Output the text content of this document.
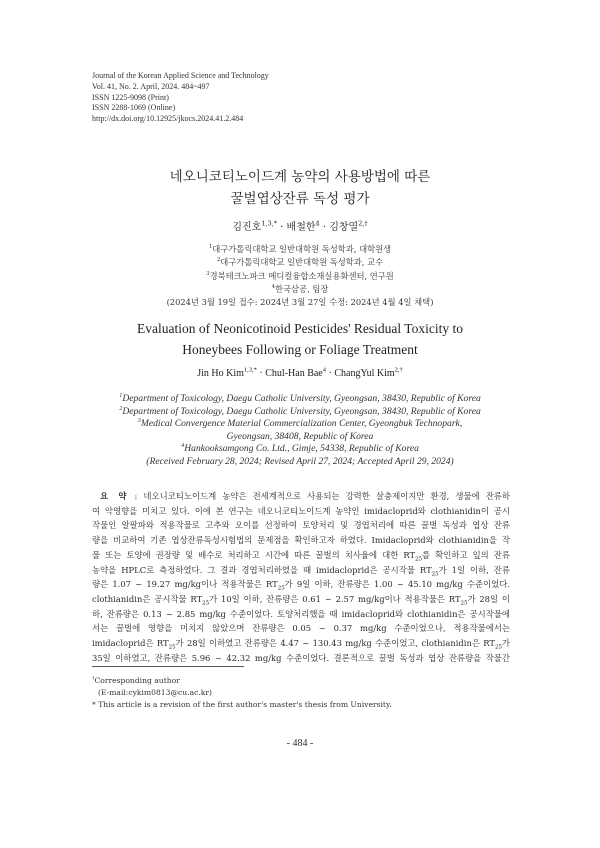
Journal of the Korean Applied Science and Technology
Vol. 41, No. 2. April, 2024. 484~497
ISSN 1225-9098 (Print)
ISSN 2288-1069 (Online)
http://dx.doi.org/10.12925/jkocs.2024.41.2.484
네오니코티노이드계 농약의 사용방법에 따른
꿀벌엽상잔류 독성 평가
김진호$^{1,3,*}$ · 배철한$^4$ · 김창열$^{2,\dagger}$
$^1$대구가톨릭대학교 일반대학원 독성학과, 대학원생
$^2$대구가톨릭대학교 일반대학원 독성학과, 교수
$^3$경북테크노파크 메디컬융합소재실용화센터, 연구원
$^4$한국삼공, 팀장
(2024년 3월 19일 접수: 2024년 3월 27일 수정: 2024년 4월 4일 채택)
Evaluation of Neonicotinoid Pesticides' Residual Toxicity to
Honeybees Following or Foliage Treatment
Jin Ho Kim$^{1,3,*}$ · Chul-Han Bae$^4$ · ChangYul Kim$^{2,\dagger}$
$^1$Department of Toxicology, Daegu Catholic University, Gyeongsan, 38430, Republic of Korea
$^2$Department of Toxicology, Daegu Catholic University, Gyeongsan, 38430, Republic of Korea
$^3$Medical Convergence Material Commercialization Center, Gyeongbuk Technopark,
Gyeongsan, 38408, Republic of Korea
$^4$Hankooksamgong Co. Ltd., Gimje, 54338, Republic of Korea
(Received February 28, 2024; Revised April 27, 2024; Accepted April 29, 2024)
요 약 : 네오니코티노이드계 농약은 전세계적으로 사용되는 강력한 살충제이지만 환경, 생물에 잔류하
여 악영향을 미치고 있다. 이에 본 연구는 네오니코티노이드계 농약인 imidacloprid와 clothianidin이 공시
작물인 알팔파와 적용작물로 고추와 오이를 선정하여 토양처리 및 경엽처리에 따른 꿀벌 독성과 엽상 잔류
량을 비교하여 기존 엽상잔류독성시험법의 문제점을 확인하고자 하였다. Imidacloprid와 clothianidin을 작
물 또는 토양에 권장량 및 배수로 처리하고 시간에 따른 꿀벌의 치사율에 대한 $RT_{25}$를 확인하고 잎의 잔류
농약을 HPLC로 측정하였다. 그 결과 경엽처리하였을 때 imidacloprid은 공시작물 $RT_{25}$가 1일 이하, 잔류
량은 1.07 ~ 19.27 mg/kg이나 적용작물은 $RT_{25}$가 9일 이하, 잔류량은 1.00 ~ 45.10 mg/kg 수준이었다.
clothianidin은 공시작물 $RT_{25}$가 10일 이하, 잔류량은 0.61 ~ 2.57 mg/kg이나 적용작물은 $RT_{25}$가 28일 이
하, 잔류량은 0.13 ~ 2.85 mg/kg 수준이었다. 토양처리했을 때 imidacloprid와 clothianidin은 공시작물에
서는 꿀벌에 영향을 미치지 않았으며 잔류량은 0.05 ~ 0.37 mg/kg 수준이었으나, 적용작물에서는
imidacloprid은 $RT_{25}$가 28일 이하였고 잔류량은 4.47 ~ 130.43 mg/kg 수준이었고, clothianidin은 $RT_{25}$가
35일 이하였고, 잔류량은 5.96 ~ 42.32 mg/kg 수준이었다. 결론적으로 꿀벌 독성과 엽상 잔류량을 작물간
†Corresponding author
(E-mail:cykim0813@cu.ac.kr)
* This article is a revision of the first author's master's thesis from University.
- 484 -
